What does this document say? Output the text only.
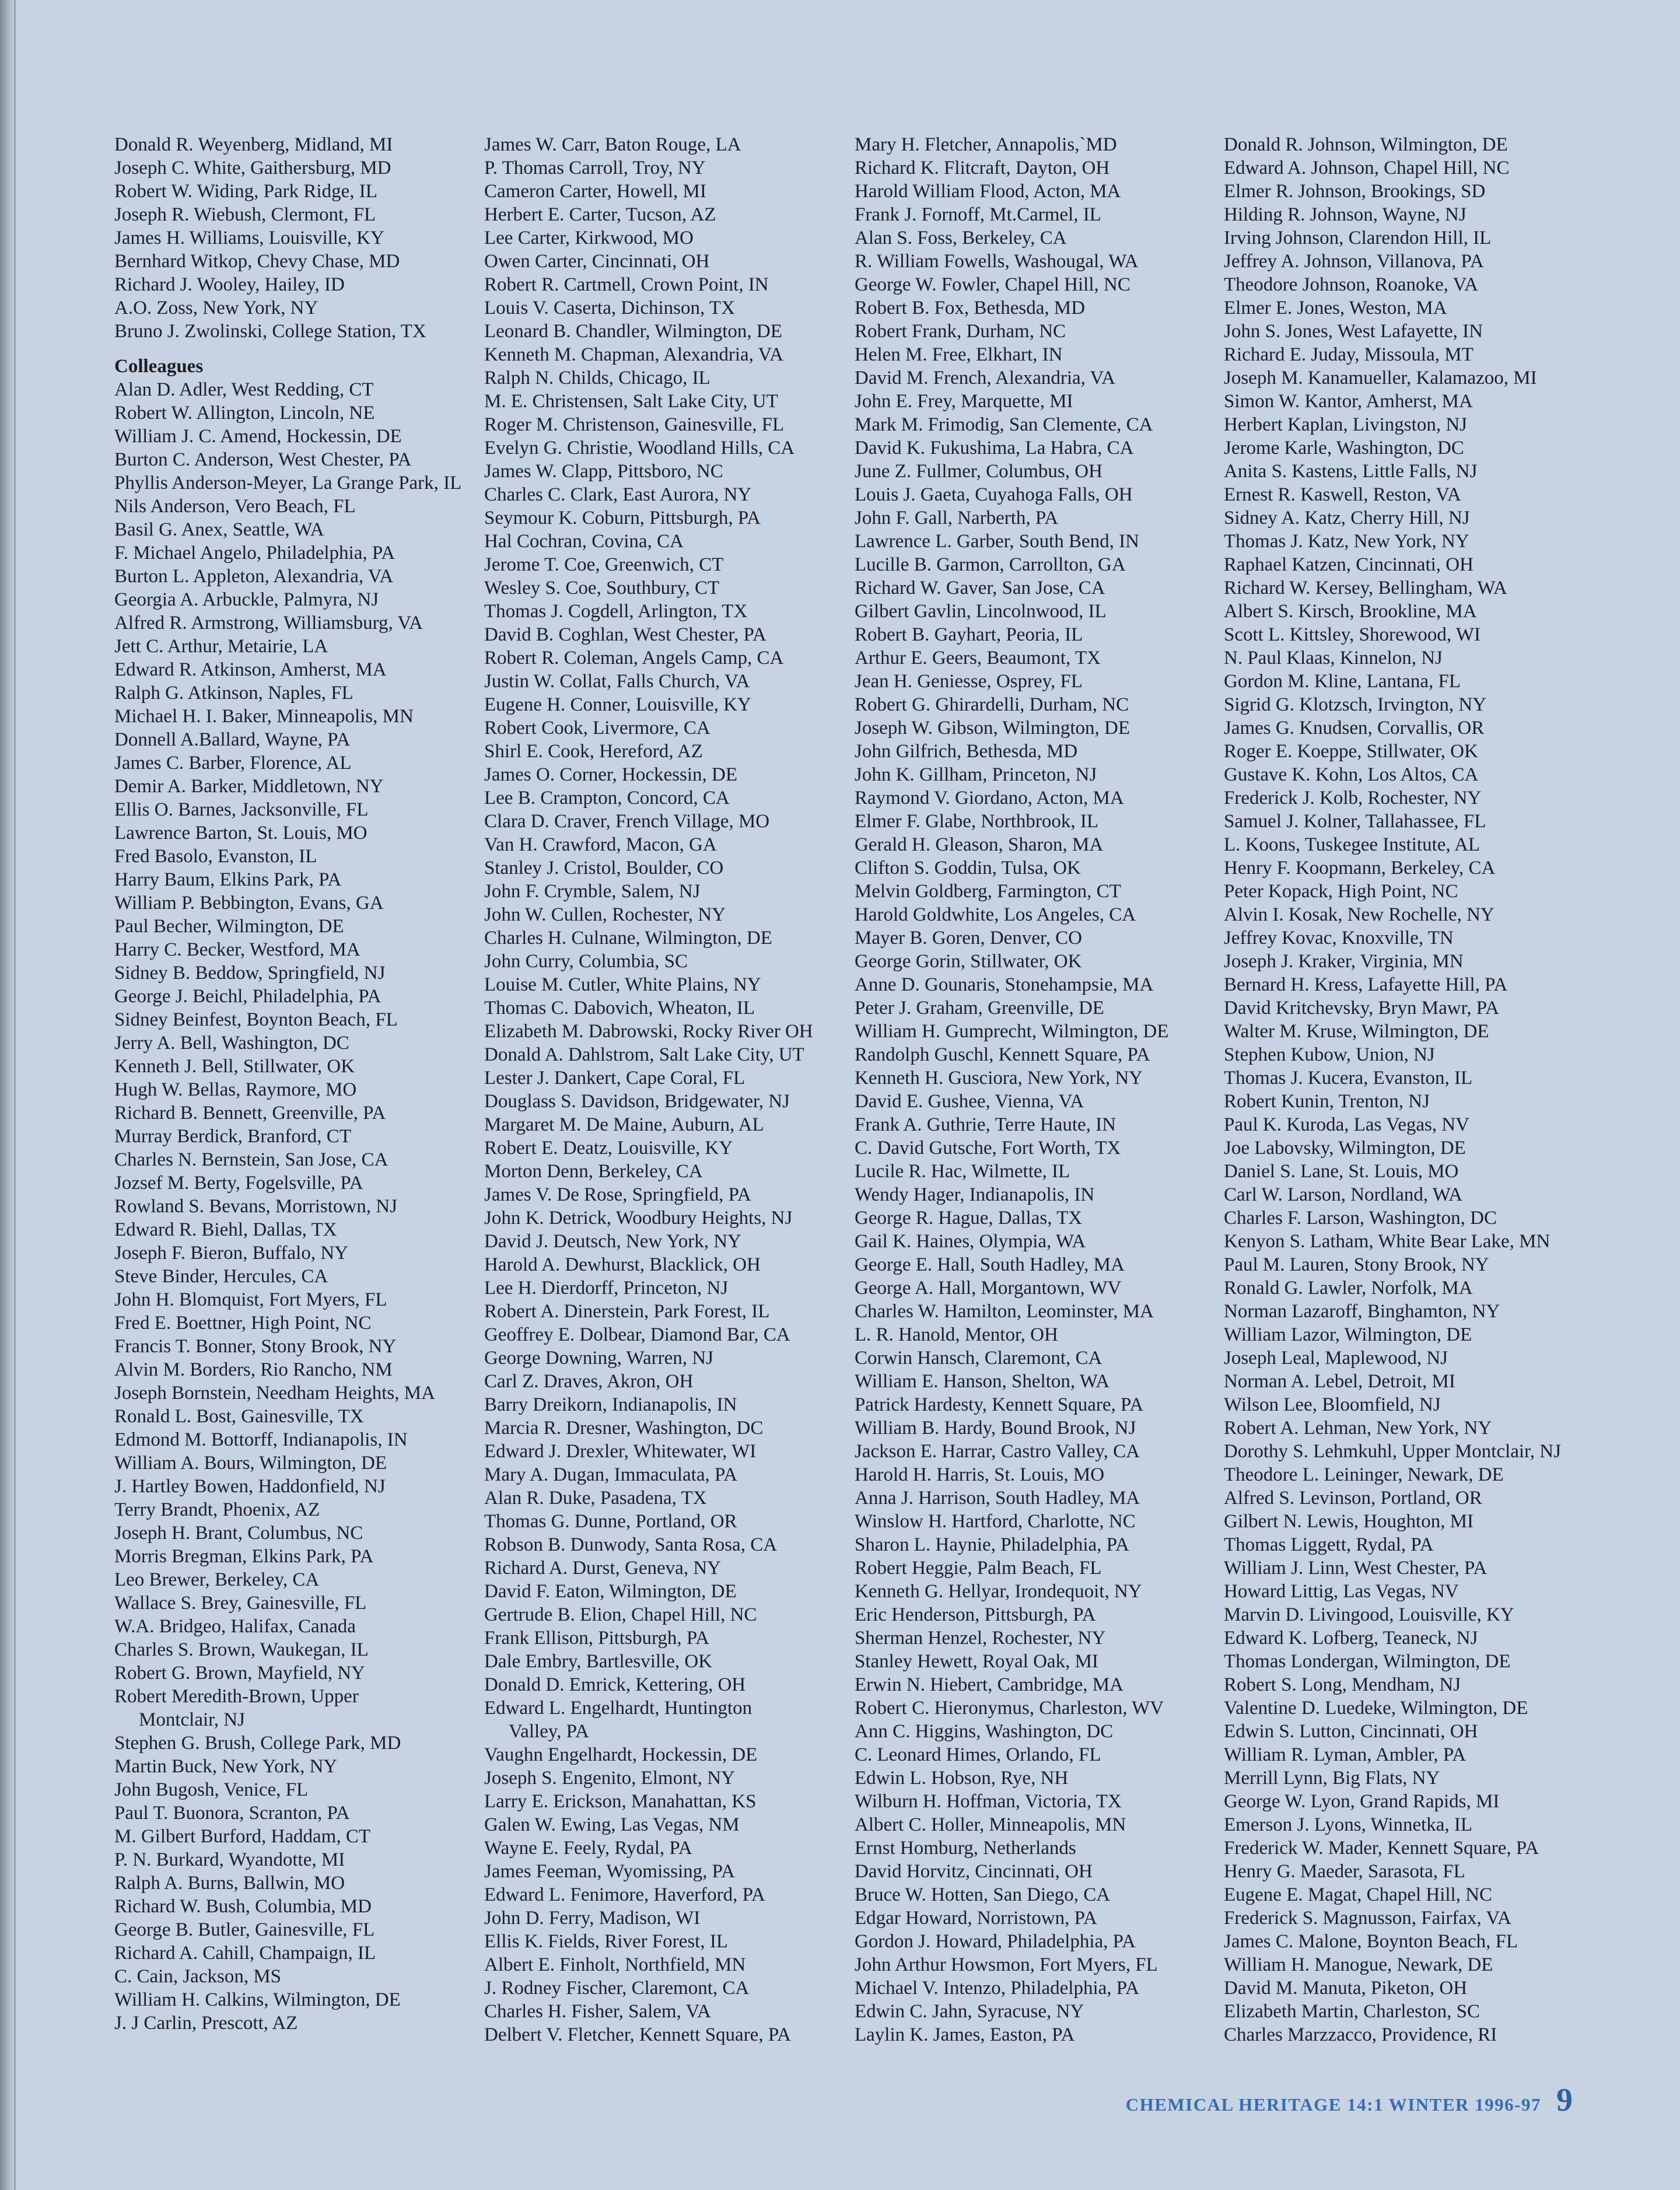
Donald R. Weyenberg, Midland, MI
Joseph C. White, Gaithersburg, MD
Robert W. Widing, Park Ridge, IL
Joseph R. Wiebush, Clermont, FL
James H. Williams, Louisville, KY
Bernhard Witkop, Chevy Chase, MD
Richard J. Wooley, Hailey, ID
A.O. Zoss, New York, NY
Bruno J. Zwolinski, College Station, TX
Colleagues
Alan D. Adler, West Redding, CT
Robert W. Allington, Lincoln, NE
William J. C. Amend, Hockessin, DE
Burton C. Anderson, West Chester, PA
Phyllis Anderson-Meyer, La Grange Park, IL
Nils Anderson, Vero Beach, FL
Basil G. Anex, Seattle, WA
F. Michael Angelo, Philadelphia, PA
Burton L. Appleton, Alexandria, VA
Georgia A. Arbuckle, Palmyra, NJ
Alfred R. Armstrong, Williamsburg, VA
Jett C. Arthur, Metairie, LA
Edward R. Atkinson, Amherst, MA
Ralph G. Atkinson, Naples, FL
Michael H. I. Baker, Minneapolis, MN
Donnell A.Ballard, Wayne, PA
James C. Barber, Florence, AL
Demir A. Barker, Middletown, NY
Ellis O. Barnes, Jacksonville, FL
Lawrence Barton, St. Louis, MO
Fred Basolo, Evanston, IL
Harry Baum, Elkins Park, PA
William P. Bebbington, Evans, GA
Paul Becher, Wilmington, DE
Harry C. Becker, Westford, MA
Sidney B. Beddow, Springfield, NJ
George J. Beichl, Philadelphia, PA
Sidney Beinfest, Boynton Beach, FL
Jerry A. Bell, Washington, DC
Kenneth J. Bell, Stillwater, OK
Hugh W. Bellas, Raymore, MO
Richard B. Bennett, Greenville, PA
Murray Berdick, Branford, CT
Charles N. Bernstein, San Jose, CA
Jozsef M. Berty, Fogelsville, PA
Rowland S. Bevans, Morristown, NJ
Edward R. Biehl, Dallas, TX
Joseph F. Bieron, Buffalo, NY
Steve Binder, Hercules, CA
John H. Blomquist, Fort Myers, FL
Fred E. Boettner, High Point, NC
Francis T. Bonner, Stony Brook, NY
Alvin M. Borders, Rio Rancho, NM
Joseph Bornstein, Needham Heights, MA
Ronald L. Bost, Gainesville, TX
Edmond M. Bottorff, Indianapolis, IN
William A. Bours, Wilmington, DE
J. Hartley Bowen, Haddonfield, NJ
Terry Brandt, Phoenix, AZ
Joseph H. Brant, Columbus, NC
Morris Bregman, Elkins Park, PA
Leo Brewer, Berkeley, CA
Wallace S. Brey, Gainesville, FL
W.A. Bridgeo, Halifax, Canada
Charles S. Brown, Waukegan, IL
Robert G. Brown, Mayfield, NY
Robert Meredith-Brown, Upper
Montclair, NJ
Stephen G. Brush, College Park, MD
Martin Buck, New York, NY
John Bugosh, Venice, FL
Paul T. Buonora, Scranton, PA
M. Gilbert Burford, Haddam, CT
P. N. Burkard, Wyandotte, MI
Ralph A. Burns, Ballwin, MO
Richard W. Bush, Columbia, MD
George B. Butler, Gainesville, FL
Richard A. Cahill, Champaign, IL
C. Cain, Jackson, MS
William H. Calkins, Wilmington, DE
J. J Carlin, Prescott, AZ
James W. Carr, Baton Rouge, LA
P. Thomas Carroll, Troy, NY
Cameron Carter, Howell, MI
Herbert E. Carter, Tucson, AZ
Lee Carter, Kirkwood, MO
Owen Carter, Cincinnati, OH
Robert R. Cartmell, Crown Point, IN
Louis V. Caserta, Dichinson, TX
Leonard B. Chandler, Wilmington, DE
Kenneth M. Chapman, Alexandria, VA
Ralph N. Childs, Chicago, IL
M. E. Christensen, Salt Lake City, UT
Roger M. Christenson, Gainesville, FL
Evelyn G. Christie, Woodland Hills, CA
James W. Clapp, Pittsboro, NC
Charles C. Clark, East Aurora, NY
Seymour K. Coburn, Pittsburgh, PA
Hal Cochran, Covina, CA
Jerome T. Coe, Greenwich, CT
Wesley S. Coe, Southbury, CT
Thomas J. Cogdell, Arlington, TX
David B. Coghlan, West Chester, PA
Robert R. Coleman, Angels Camp, CA
Justin W. Collat, Falls Church, VA
Eugene H. Conner, Louisville, KY
Robert Cook, Livermore, CA
Shirl E. Cook, Hereford, AZ
James O. Corner, Hockessin, DE
Lee B. Crampton, Concord, CA
Clara D. Craver, French Village, MO
Van H. Crawford, Macon, GA
Stanley J. Cristol, Boulder, CO
John F. Crymble, Salem, NJ
John W. Cullen, Rochester, NY
Charles H. Culnane, Wilmington, DE
John Curry, Columbia, SC
Louise M. Cutler, White Plains, NY
Thomas C. Dabovich, Wheaton, IL
Elizabeth M. Dabrowski, Rocky River OH
Donald A. Dahlstrom, Salt Lake City, UT
Lester J. Dankert, Cape Coral, FL
Douglass S. Davidson, Bridgewater, NJ
Margaret M. De Maine, Auburn, AL
Robert E. Deatz, Louisville, KY
Morton Denn, Berkeley, CA
James V. De Rose, Springfield, PA
John K. Detrick, Woodbury Heights, NJ
David J. Deutsch, New York, NY
Harold A. Dewhurst, Blacklick, OH
Lee H. Dierdorff, Princeton, NJ
Robert A. Dinerstein, Park Forest, IL
Geoffrey E. Dolbear, Diamond Bar, CA
George Downing, Warren, NJ
Carl Z. Draves, Akron, OH
Barry Dreikorn, Indianapolis, IN
Marcia R. Dresner, Washington, DC
Edward J. Drexler, Whitewater, WI
Mary A. Dugan, Immaculata, PA
Alan R. Duke, Pasadena, TX
Thomas G. Dunne, Portland, OR
Robson B. Dunwody, Santa Rosa, CA
Richard A. Durst, Geneva, NY
David F. Eaton, Wilmington, DE
Gertrude B. Elion, Chapel Hill, NC
Frank Ellison, Pittsburgh, PA
Dale Embry, Bartlesville, OK
Donald D. Emrick, Kettering, OH
Edward L. Engelhardt, Huntington
Valley, PA
Vaughn Engelhardt, Hockessin, DE
Joseph S. Engenito, Elmont, NY
Larry E. Erickson, Manahattan, KS
Galen W. Ewing, Las Vegas, NM
Wayne E. Feely, Rydal, PA
James Feeman, Wyomissing, PA
Edward L. Fenimore, Haverford, PA
John D. Ferry, Madison, WI
Ellis K. Fields, River Forest, IL
Albert E. Finholt, Northfield, MN
J. Rodney Fischer, Claremont, CA
Charles H. Fisher, Salem, VA
Delbert V. Fletcher, Kennett Square, PA
Mary H. Fletcher, Annapolis,`MD
Richard K. Flitcraft, Dayton, OH
Harold William Flood, Acton, MA
Frank J. Fornoff, Mt.Carmel, IL
Alan S. Foss, Berkeley, CA
R. William Fowells, Washougal, WA
George W. Fowler, Chapel Hill, NC
Robert B. Fox, Bethesda, MD
Robert Frank, Durham, NC
Helen M. Free, Elkhart, IN
David M. French, Alexandria, VA
John E. Frey, Marquette, MI
Mark M. Frimodig, San Clemente, CA
David K. Fukushima, La Habra, CA
June Z. Fullmer, Columbus, OH
Louis J. Gaeta, Cuyahoga Falls, OH
John F. Gall, Narberth, PA
Lawrence L. Garber, South Bend, IN
Lucille B. Garmon, Carrollton, GA
Richard W. Gaver, San Jose, CA
Gilbert Gavlin, Lincolnwood, IL
Robert B. Gayhart, Peoria, IL
Arthur E. Geers, Beaumont, TX
Jean H. Geniesse, Osprey, FL
Robert G. Ghirardelli, Durham, NC
Joseph W. Gibson, Wilmington, DE
John Gilfrich, Bethesda, MD
John K. Gillham, Princeton, NJ
Raymond V. Giordano, Acton, MA
Elmer F. Glabe, Northbrook, IL
Gerald H. Gleason, Sharon, MA
Clifton S. Goddin, Tulsa, OK
Melvin Goldberg, Farmington, CT
Harold Goldwhite, Los Angeles, CA
Mayer B. Goren, Denver, CO
George Gorin, Stillwater, OK
Anne D. Gounaris, Stonehampsie, MA
Peter J. Graham, Greenville, DE
William H. Gumprecht, Wilmington, DE
Randolph Guschl, Kennett Square, PA
Kenneth H. Gusciora, New York, NY
David E. Gushee, Vienna, VA
Frank A. Guthrie, Terre Haute, IN
C. David Gutsche, Fort Worth, TX
Lucile R. Hac, Wilmette, IL
Wendy Hager, Indianapolis, IN
George R. Hague, Dallas, TX
Gail K. Haines, Olympia, WA
George E. Hall, South Hadley, MA
George A. Hall, Morgantown, WV
Charles W. Hamilton, Leominster, MA
L. R. Hanold, Mentor, OH
Corwin Hansch, Claremont, CA
William E. Hanson, Shelton, WA
Patrick Hardesty, Kennett Square, PA
William B. Hardy, Bound Brook, NJ
Jackson E. Harrar, Castro Valley, CA
Harold H. Harris, St. Louis, MO
Anna J. Harrison, South Hadley, MA
Winslow H. Hartford, Charlotte, NC
Sharon L. Haynie, Philadelphia, PA
Robert Heggie, Palm Beach, FL
Kenneth G. Hellyar, Irondequoit, NY
Eric Henderson, Pittsburgh, PA
Sherman Henzel, Rochester, NY
Stanley Hewett, Royal Oak, MI
Erwin N. Hiebert, Cambridge, MA
Robert C. Hieronymus, Charleston, WV
Ann C. Higgins, Washington, DC
C. Leonard Himes, Orlando, FL
Edwin L. Hobson, Rye, NH
Wilburn H. Hoffman, Victoria, TX
Albert C. Holler, Minneapolis, MN
Ernst Homburg, Netherlands
David Horvitz, Cincinnati, OH
Bruce W. Hotten, San Diego, CA
Edgar Howard, Norristown, PA
Gordon J. Howard, Philadelphia, PA
John Arthur Howsmon, Fort Myers, FL
Michael V. Intenzo, Philadelphia, PA
Edwin C. Jahn, Syracuse, NY
Laylin K. James, Easton, PA
Donald R. Johnson, Wilmington, DE
Edward A. Johnson, Chapel Hill, NC
Elmer R. Johnson, Brookings, SD
Hilding R. Johnson, Wayne, NJ
Irving Johnson, Clarendon Hill, IL
Jeffrey A. Johnson, Villanova, PA
Theodore Johnson, Roanoke, VA
Elmer E. Jones, Weston, MA
John S. Jones, West Lafayette, IN
Richard E. Juday, Missoula, MT
Joseph M. Kanamueller, Kalamazoo, MI
Simon W. Kantor, Amherst, MA
Herbert Kaplan, Livingston, NJ
Jerome Karle, Washington, DC
Anita S. Kastens, Little Falls, NJ
Ernest R. Kaswell, Reston, VA
Sidney A. Katz, Cherry Hill, NJ
Thomas J. Katz, New York, NY
Raphael Katzen, Cincinnati, OH
Richard W. Kersey, Bellingham, WA
Albert S. Kirsch, Brookline, MA
Scott L. Kittsley, Shorewood, WI
N. Paul Klaas, Kinnelon, NJ
Gordon M. Kline, Lantana, FL
Sigrid G. Klotzsch, Irvington, NY
James G. Knudsen, Corvallis, OR
Roger E. Koeppe, Stillwater, OK
Gustave K. Kohn, Los Altos, CA
Frederick J. Kolb, Rochester, NY
Samuel J. Kolner, Tallahassee, FL
L. Koons, Tuskegee Institute, AL
Henry F. Koopmann, Berkeley, CA
Peter Kopack, High Point, NC
Alvin I. Kosak, New Rochelle, NY
Jeffrey Kovac, Knoxville, TN
Joseph J. Kraker, Virginia, MN
Bernard H. Kress, Lafayette Hill, PA
David Kritchevsky, Bryn Mawr, PA
Walter M. Kruse, Wilmington, DE
Stephen Kubow, Union, NJ
Thomas J. Kucera, Evanston, IL
Robert Kunin, Trenton, NJ
Paul K. Kuroda, Las Vegas, NV
Joe Labovsky, Wilmington, DE
Daniel S. Lane, St. Louis, MO
Carl W. Larson, Nordland, WA
Charles F. Larson, Washington, DC
Kenyon S. Latham, White Bear Lake, MN
Paul M. Lauren, Stony Brook, NY
Ronald G. Lawler, Norfolk, MA
Norman Lazaroff, Binghamton, NY
William Lazor, Wilmington, DE
Joseph Leal, Maplewood, NJ
Norman A. Lebel, Detroit, MI
Wilson Lee, Bloomfield, NJ
Robert A. Lehman, New York, NY
Dorothy S. Lehmkuhl, Upper Montclair, NJ
Theodore L. Leininger, Newark, DE
Alfred S. Levinson, Portland, OR
Gilbert N. Lewis, Houghton, MI
Thomas Liggett, Rydal, PA
William J. Linn, West Chester, PA
Howard Littig, Las Vegas, NV
Marvin D. Livingood, Louisville, KY
Edward K. Lofberg, Teaneck, NJ
Thomas Londergan, Wilmington, DE
Robert S. Long, Mendham, NJ
Valentine D. Luedeke, Wilmington, DE
Edwin S. Lutton, Cincinnati, OH
William R. Lyman, Ambler, PA
Merrill Lynn, Big Flats, NY
George W. Lyon, Grand Rapids, MI
Emerson J. Lyons, Winnetka, IL
Frederick W. Mader, Kennett Square, PA
Henry G. Maeder, Sarasota, FL
Eugene E. Magat, Chapel Hill, NC
Frederick S. Magnusson, Fairfax, VA
James C. Malone, Boynton Beach, FL
William H. Manogue, Newark, DE
David M. Manuta, Piketon, OH
Elizabeth Martin, Charleston, SC
Charles Marzzacco, Providence, RI
CHEMICAL HERITAGE 14:1 WINTER 1996-97 9
